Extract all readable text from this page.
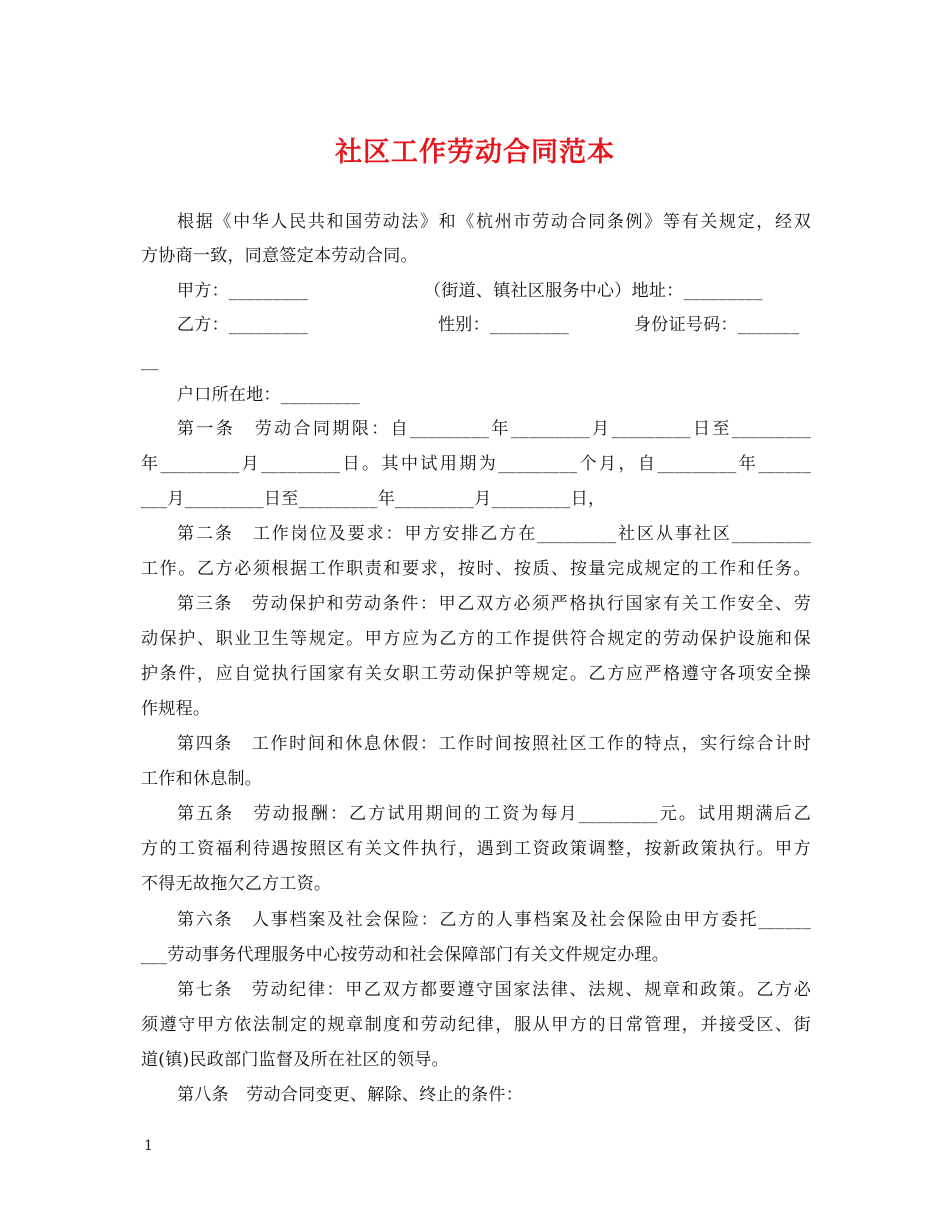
社区工作劳动合同范本
根据《中华人民共和国劳动法》和《杭州市劳动合同条例》等有关规定，经双
方协商一致，同意签定本劳动合同。
甲方：_________	（街道、镇社区服务中心）地址：_________
乙方：_________	性别：_________	身份证号码：_______
__
户口所在地：_________
第一条　劳动合同期限：自_________年_________月_________日至_________
年_________月_________日。其中试用期为_________个月，自_________年______
___月_________日至_________年_________月_________日，
第二条　工作岗位及要求：甲方安排乙方在_________社区从事社区_________
工作。乙方必须根据工作职责和要求，按时、按质、按量完成规定的工作和任务。
第三条　劳动保护和劳动条件：甲乙双方必须严格执行国家有关工作安全、劳
动保护、职业卫生等规定。甲方应为乙方的工作提供符合规定的劳动保护设施和保
护条件，应自觉执行国家有关女职工劳动保护等规定。乙方应严格遵守各项安全操
作规程。
第四条　工作时间和休息休假：工作时间按照社区工作的特点，实行综合计时
工作和休息制。
第五条　劳动报酬：乙方试用期间的工资为每月_________元。试用期满后乙
方的工资福利待遇按照区有关文件执行，遇到工资政策调整，按新政策执行。甲方
不得无故拖欠乙方工资。
第六条　人事档案及社会保险：乙方的人事档案及社会保险由甲方委托______
___劳动事务代理服务中心按劳动和社会保障部门有关文件规定办理。
第七条　劳动纪律：甲乙双方都要遵守国家法律、法规、规章和政策。乙方必
须遵守甲方依法制定的规章制度和劳动纪律，服从甲方的日常管理，并接受区、街
道(镇)民政部门监督及所在社区的领导。
第八条　劳动合同变更、解除、终止的条件：
1
